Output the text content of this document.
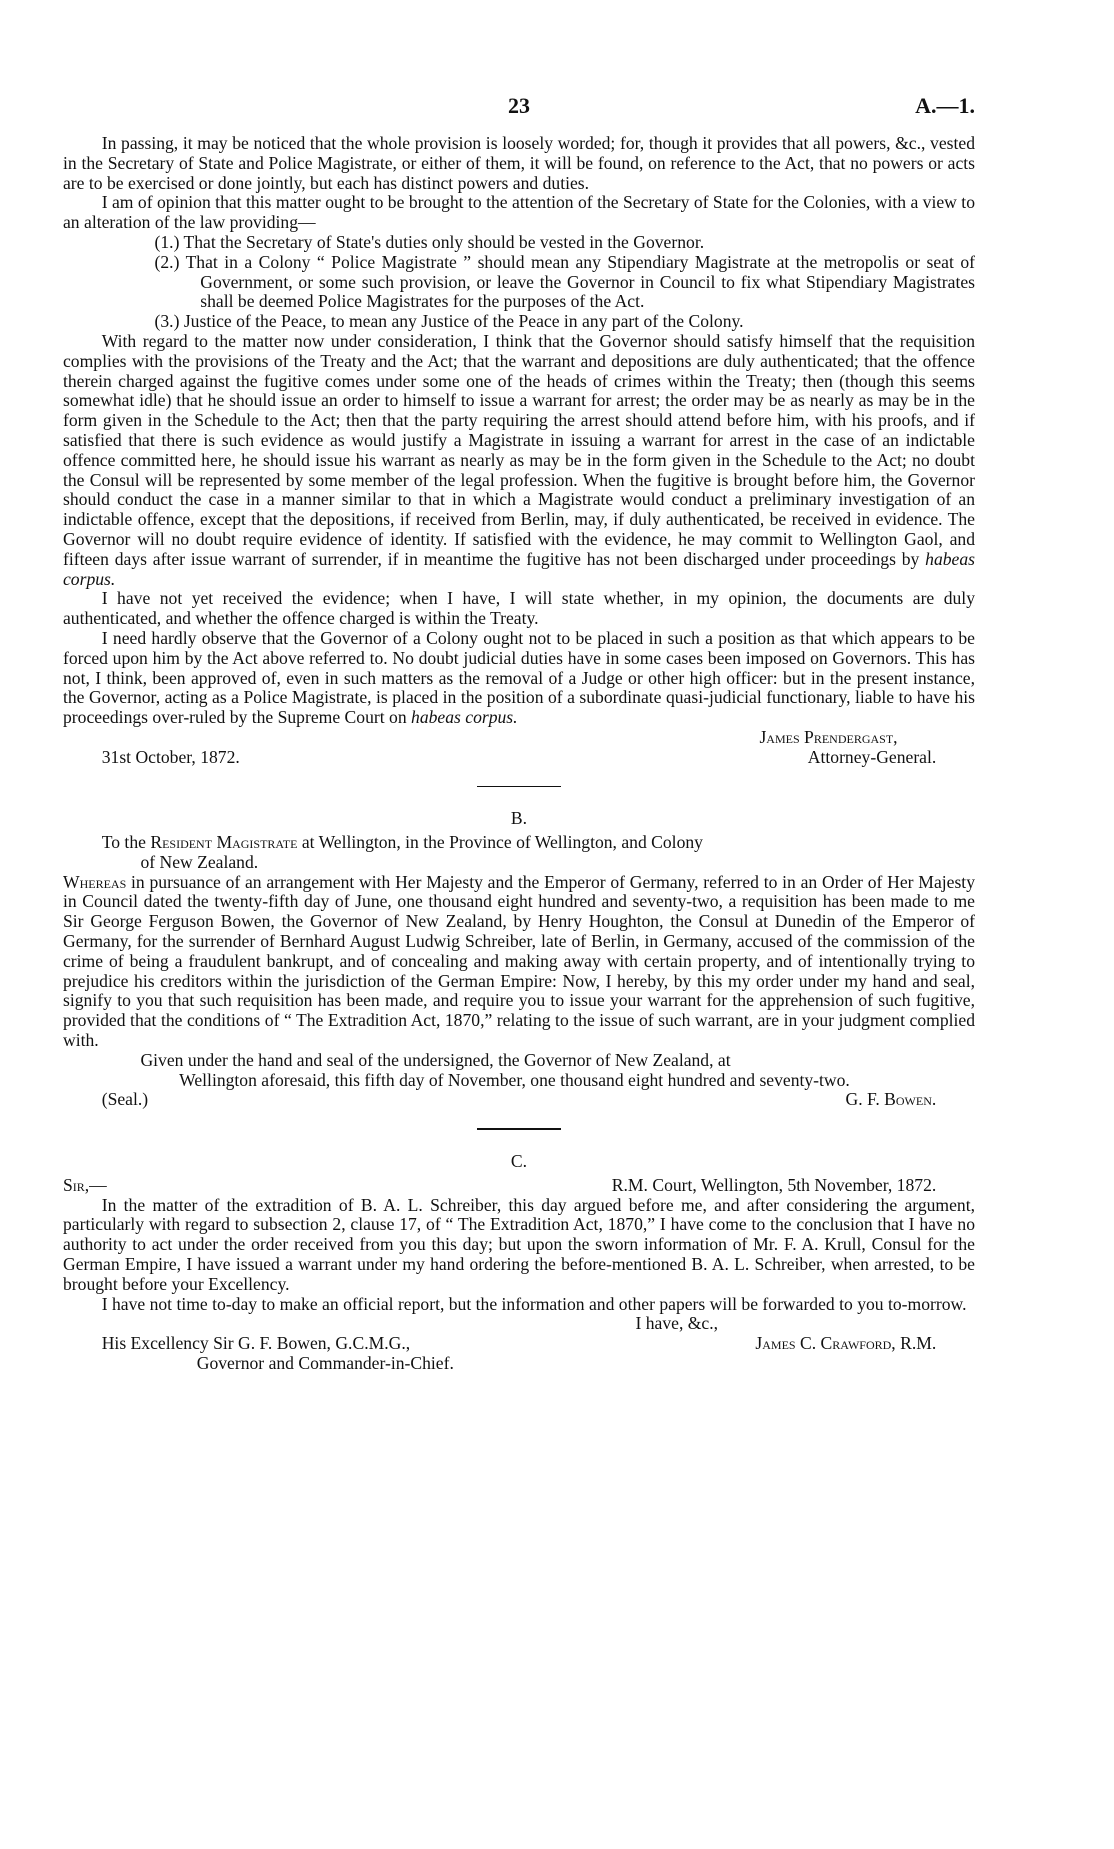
23	A.—1.

In passing, it may be noticed that the whole provision is loosely worded; for, though it provides that all powers, &c., vested in the Secretary of State and Police Magistrate, or either of them, it will be found, on reference to the Act, that no powers or acts are to be exercised or done jointly, but each has distinct powers and duties.

I am of opinion that this matter ought to be brought to the attention of the Secretary of State for the Colonies, with a view to an alteration of the law providing—

(1.) That the Secretary of State's duties only should be vested in the Governor.

(2.) That in a Colony “ Police Magistrate ” should mean any Stipendiary Magistrate at the metropolis or seat of Government, or some such provision, or leave the Governor in Council to fix what Stipendiary Magistrates shall be deemed Police Magistrates for the purposes of the Act.

(3.) Justice of the Peace, to mean any Justice of the Peace in any part of the Colony.

With regard to the matter now under consideration, I think that the Governor should satisfy himself that the requisition complies with the provisions of the Treaty and the Act; that the warrant and depositions are duly authenticated; that the offence therein charged against the fugitive comes under some one of the heads of crimes within the Treaty; then (though this seems somewhat idle) that he should issue an order to himself to issue a warrant for arrest; the order may be as nearly as may be in the form given in the Schedule to the Act; then that the party requiring the arrest should attend before him, with his proofs, and if satisfied that there is such evidence as would justify a Magistrate in issuing a warrant for arrest in the case of an indictable offence committed here, he should issue his warrant as nearly as may be in the form given in the Schedule to the Act; no doubt the Consul will be represented by some member of the legal profession. When the fugitive is brought before him, the Governor should conduct the case in a manner similar to that in which a Magistrate would conduct a preliminary investigation of an indictable offence, except that the depositions, if received from Berlin, may, if duly authenticated, be received in evidence. The Governor will no doubt require evidence of identity. If satisfied with the evidence, he may commit to Wellington Gaol, and fifteen days after issue warrant of surrender, if in meantime the fugitive has not been discharged under proceedings by habeas corpus.

I have not yet received the evidence; when I have, I will state whether, in my opinion, the documents are duly authenticated, and whether the offence charged is within the Treaty.

I need hardly observe that the Governor of a Colony ought not to be placed in such a position as that which appears to be forced upon him by the Act above referred to. No doubt judicial duties have in some cases been imposed on Governors. This has not, I think, been approved of, even in such matters as the removal of a Judge or other high officer: but in the present instance, the Governor, acting as a Police Magistrate, is placed in the position of a subordinate quasi-judicial functionary, liable to have his proceedings over-ruled by the Supreme Court on habeas corpus.

James Prendergast,
31st October, 1872.	Attorney-General.
B.

To the Resident Magistrate at Wellington, in the Province of Wellington, and Colony

of New Zealand.

Whereas in pursuance of an arrangement with Her Majesty and the Emperor of Germany, referred to in an Order of Her Majesty in Council dated the twenty-fifth day of June, one thousand eight hundred and seventy-two, a requisition has been made to me Sir George Ferguson Bowen, the Governor of New Zealand, by Henry Houghton, the Consul at Dunedin of the Emperor of Germany, for the surrender of Bernhard August Ludwig Schreiber, late of Berlin, in Germany, accused of the commission of the crime of being a fraudulent bankrupt, and of concealing and making away with certain property, and of intentionally trying to prejudice his creditors within the jurisdiction of the German Empire: Now, I hereby, by this my order under my hand and seal, signify to you that such requisition has been made, and require you to issue your warrant for the apprehension of such fugitive, provided that the conditions of “ The Extradition Act, 1870,” relating to the issue of such warrant, are in your judgment complied with.

Given under the hand and seal of the undersigned, the Governor of New Zealand, at

Wellington aforesaid, this fifth day of November, one thousand eight hundred and seventy-two.

(Seal.)	G. F. Bowen.
C.
Sir,—	R.M. Court, Wellington, 5th November, 1872.

In the matter of the extradition of B. A. L. Schreiber, this day argued before me, and after considering the argument, particularly with regard to subsection 2, clause 17, of “ The Extradition Act, 1870,” I have come to the conclusion that I have no authority to act under the order received from you this day; but upon the sworn information of Mr. F. A. Krull, Consul for the German Empire, I have issued a warrant under my hand ordering the before-mentioned B. A. L. Schreiber, when arrested, to be brought before your Excellency.

I have not time to-day to make an official report, but the information and other papers will be forwarded to you to-morrow.

I have, &c.,
His Excellency Sir G. F. Bowen, G.C.M.G.,	James C. Crawford, R.M.
Governor and Commander-in-Chief.
